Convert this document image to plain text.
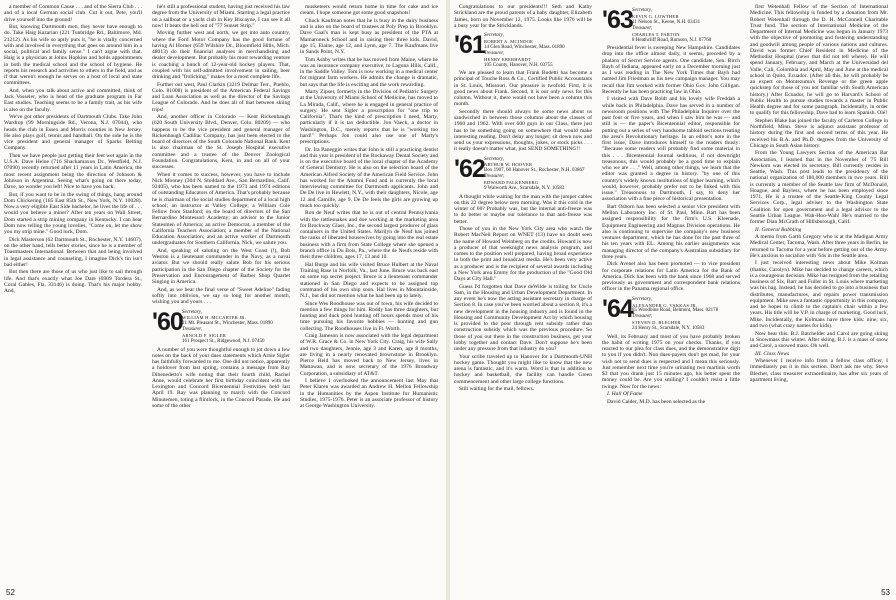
a member of Common Cause . . . and of the Sierra Club . . . and of a local German social club. Cut it out, Pete, you'll drive yourself into the ground!

But, knowing Dartmouth men, they never have enough to do. Take Haig Kazarian (221 Tunbridge Rd., Baltimore, Md. 21212). As his wife so aptly puts it, "he is vitally concerned with and involved in everything that goes on around him in a social, political and family sense." I can't argue with that. Haig is a physician at Johns Hopkins and holds appointments in both the medical school and the school of hygiene. He reports his research and activities to others in the field, and as if that weren't enough he serves on a host of local and state committees.

And, when you talk about active and committed, think of Jack Vosseler, who is head of the graduate program in Far East studies. Teaching seems to be a family trait, as his wife is also on the faculty.

We've got other presidents of Dartmouth Clubs. Take John Wardrop (99 Morningside Rd., Verona, N.J. 07044), who heads the club in Essex and Morris counties in New Jersey. He also plays golf, tennis and handball. On the side he is the vice president and general manager of Sparks Belting Company.

Then we have people just getting their feet wet again in the U.S.A. Dave Heine (716 Shackamaxon Dr., Westfield, N.J. 07090) recently returned after 11 years in Latin America, the most recent assignment being the direction of Johnson & Johnson in Argentina. Seeing what's going on there today, Dave, no wonder you left! Nice to have you back.

But, if you want to be in the swing of things, hang around Dom Chickering (185 East 85th St., New York, N.Y. 10028). Now a very eligible East Side bachelor, he lives the life of . . . would you believe a miner? After ten years on Wall Street, Dom started a strip mining company in Kentucky. I can hear Dom now telling the young lovelies, "Come on, let me show you my strip mine." Good luck, Dom.

Dick Masterson (62 Dartmouth St., Rochester, N.Y. 14607), on the other hand, tells better stories, since he is a member of Toastmasters International. Between that and being involved in legal assistance and counseling, I imagine Dick's tin isn't bad either!

But then there are those of us who just like to sail through life. And that's exactly what Joe Dare (6909 Tordera St., Coral Gables, Fla. 33146) is doing. That's his major hobby. And,

he's still a professional student, having just received his law degree from the University of Miami. Starting a legal practice on a sailboat or a yacht club in Key Biscayne, I can see it all now! It beats the hell out of "77 Sunset Strip."

Moving further west and north, we get into auto country, where the Ford Motor Company has the good fortune of having Al Horner (659 Wilshire Dr., Bloomfield Hills, Mich. 48013) do their financial analyses in merchandising and dealer development. But probably his most rewarding venture is coaching a bunch of 12-year-old hockey players. That, coupled with his self-admitted involvement in sailing, beer drinking and "frolicking," makes for a most complete life.

Further out west, Paul Clarkin (3219 Delmar Terr., Pueblo, Colo. 81008) is president of the American Federal Savings and Loan Association as well as the director of the Savings League of Colorado. And he does all of that between skiing trips!

And, another officer in Colorado — Kent Rickenbaugh (620 South University Blvd., Denver, Colo. 80209) — who happens to be the vice president and general manager of Rickenbaugh Cadillac Company, has just been elected to the board of directors of the South Colorado National Bank. Kent is also chairman of the St. Joseph Hospital executive committee and a trustee of the Denver Zoological Foundation. Congratulations, Kent, in and on all of your successes.

When it comes to success, however, you have to include Nick Mooney (304 N. Stoddard Ave., San Bernardino, Calif. 92405), who has been named to the 1973 and 1974 editions of outstanding Educators of America. That's probably because he is chairman of the social studies department of a local high school; an instructor at Valley College; a William Cole Fellow from Stanford; on the board of directors of the San Bernardino Montessori Academy; an advisor to the Junior Statesmen of America; an active Democrat, a member of the California Teachers Association; a member of the National Education Association; and an active worker of Dartmouth undergraduates for Southern California. Nick, we salute you.

And, speaking of saluting on the West Coast (!), Bob Weston is a lieutenant commander in the Navy, as a naval aviator. But we should really salute Bob for his serious participation in the San Diego chapter of the Society for the Preservation and Encouragement of Barber Shop Quartet Singing in America.

And, as we hear the final verse of "Sweet Adeline" fading softly into oblivion, we say so long for another month, wishing you and yours . . .

'60 Secretary,
WILLIAM H. MCCARTER JR.
21 Mt. Pleasant St., Winchester, Mass. 01890
Treasurer,
ARNOLD F. SIGLER
161 Prospect St., Ridgewood, N.J. 07450

A number of you were thoughtful enough to jot down a few notes on the back of your dues statements which Arnie Sigler has faithfully forwarded to me. One did not notice, apparently a holdover from last spring, contains a message from Ray Dibenedetto's wife noting that their fourth child, Rachel Anne, would celebrate her first birthday coincident with the Lexington and Concord Bicentennial Festivities held last April 19. Ray was planning to march with the Concord Minutemen, toting a flintlock, in the Concord Parade. He and some of the other

musketeers would return home in time for cake and ice cream. I hope someone got some good snapshots!

Chuck Kaufman notes that he is busy in the dairy business and is also on the board of trustees at Poly Prep in Brooklyn. Dave Gaal's man is kept busy as president of the PTA at Mamaroneck School and in raising their three kids. David, age 15, Elaine, age 12, and Lynn, age 7. The Kaufmans live in Sands Point, N.Y.

Tom Ashby writes that he has moved from Maine, where he was an insurance company executive, to Laguna Hills, Calif., in the Saddle Valley. Tom is now working in a medical center for migrant farm workers. He admits the change is dramatic, but says that the life is exciting and the work rewarding.

Marty Zipser, formerly in the Division of Pediatric Surgery at the University of Miami School of Medicine, has moved to La Mirada, Calif., where he is engaged in general practice of surgery. He sent Sigler a prescription for "one trip to California". That's the kind of prescription I need, Marty, particularly if it is tax deductible. Jon Vaeck, a doctor in Washington, D.C., merely reports that he is "working too hard!" Perhaps Jon could also use one of Marty's prescriptions.

Dr. Ira Paneggio writes that John is still a practicing dentist and this year is president of the Rockaway Dental Society and is on the executive board of the local chapter of the Academy of General Dentistry. He is also on the selection board of the American Alfred Society of the American Field Service. John has worked for the Alumni Fund and is currently the local interviewing committee for Dartmouth applicants. John and De De live in Hewlett, N.Y., with their daughters, Nicole, age 12 and Camille, age 9. De De feels the girls are growing up much too quickly.

Ron de Neuf writes that he is out of central Pennsylvania with the rattlesnakes and doe working at the marketing area for Brockway Glass, Inc., the second largest producer of glass containers in the United States. Marilyn de Neuf has joined the ranks of liberated housewives by going into the real estate business with a firm from State College where she opened a branch office in Du Bois, Pa., where the de Neufs reside with their three children, ages 17, 13 and 10.

Hal Burge and his wife visited Bruce Hulbert at the Naval Training Base in Norfolk, Va., last June. Bruce was back east on some top secret project. Bruce is a lieutenant commander stationed in San Diego and expects to be assigned top command of his own ship soon. Hal lives in Mountainside, N.J., but did not mention what he had been up to lately.

Since Wes Roodhouse was out of town, his wife decided to mention a few things for him. Roddy has three daughters, but hunting and duck pond hunting off hours spends most of his time pursuing his favorite hobbies — hunting and gun collecting. The Roodhouses live in Ft. Worth.

Craig Jameson is now associated with the legal department of W.R. Grace & Co. in New York City. Craig, his wife Sally and two daughters, Jennie, age 3 and Karen, age 8 months, are living in a nearly renovated brownstone in Brooklyn. Pierce Reid has moved back to New Jersey, lives in Mattawan, and is now secretary of the 1976 Broadway Corporation, a subsidiary of AT&T.

I believe I overlooked the announcement last May that Peter Klaren was awarded an Andrew H. Mellon Fellowship in the Humanities by the Aspen Institute for Humanistic Studies, 1975-1976. Peter is an associate professor of history at George Washington University.

52

Congratulations to our presidents!!! Seth and Kathy Strickland are the proud parents of a baby daughter, Elizabeth James, born on November 12, 1975. Looks like 1976 will be a busy year for the Stricklands.

'61 Secretary,
ROBERT A. MCINDOE
14 Glen Road, Winchester, Mass. 01890
Treasurer,
HENRY EBERHARDT
105 County, Hanover, N.H. 03755

We are pleased to learn that Frank Budetti has become a principal of Touche Ross & Co., Certified Public Accountants in St. Louis, Missouri. Our pleasure is twofold. First, it is good news about Frank. Second, it is our only news for this column. Without it, there would not have been a column this month.

Secondly there should always be some news about us sandwiched in between those columns about the classes of 1960 and 1962. With over 600 guys in our Class, there just has to be something going on somewhere that would make interesting reading. Don't delay any longer; sit down now and send us your expressions, thoughts, jokes, or stock picks . . . it really doesn't matter what, just SEND SOMETHING!!

'62 Secretary,
ARTHUR W. HOOVER
Box 1907, 60 Hanover St., Rochester, N.H. 03867
Treasurer,
EDWARD FALKENBERG
9 Walworth Ave., Scarsdale, N.Y. 10583

A thought while waiting for the man with the jumper cables on this 22 degree below zero morning. Was it this cold in the winter of 60? Probably was, but the internal anti-freeze was to do better or maybe our tolerance to that anti-freeze was better.

Those of you in the New York City area who watch the Robert MacNeil Report on WNET (13) have no doubt seen the name of Howard Weinberg on the credits. Howard is now a producer of that weeknight news analysis program, and comes to the position well prepared, having broad experience in both the print and broadcast media. He's been very active as a producer and is the recipient of several awards including a New York area Emmy for the production of the "Good Old Days at City Hall."

Guess I'd forgotten that Dave deWilde is toiling for Uncle Sam, in the Housing and Urban Development Department. In any event he's now the acting assistant secretary in charge of Section 8. In case you've been worried about a section 8, it's a new development in the housing industry and is found in the Housing and Community Development Act by which housing is provided to the poor through rent subsidy rather than construction subsidy which was the previous procedure. So those of you out there in the construction business, get your lobby together and contact Dave. Don't suppose he's been under any pressure from that industry do you?

Your scribe traveled up to Hanover for a Dartmouth-UNH hockey game. Thought you might like to know that the new arena is fantastic, and it's warm. Word is that in addition to hockey and basketball, the facility can handle Green commencement and other large college functions.

Still waiting for the mail, fellows.

'63 Secretary,
KEVIN G. LOWTHER
11 Nelson St., Keene, N.H. 03431
Treasurer,
CHARLES T. PARTON
8 Heathcliff Road, Rumson, N.J. 07760

Presidential fever is sweeping New Hampshire. Candidates drop into the office almost daily, it seems, preceded by a phalanx of Secret Service agents. One candidate, Sen. Birch Bayh of Indiana, appeared early on a December morning just as I was reading in The New York Times that Bayh had named Jim Friedman as his new campaign manager. You may recall that Jim worked with former Ohio Gov. John Gilligan. Recently he has been practicing law in Ohio.

I visited with Dave Boldt and his lovely wife Freddah a while back in Philadelphia. Dave has served in a number of newsroom positions with The Philadelphia Inquirer over the past four or five years, and when I saw him he was — and still is — the paper's Bicentennial editor, responsible for putting out a series of very handsome tabloid sections treating the area's Revolutionary heritage. In an editor's note in the first issue, Dave introduces himself to the readers thusly: "Because some readers will probably find some material in this . . . Bicentennial Journal seditious, if not downright treasonous, this would probably be a good time to explain who we are . . ." Well, among other things, we learn that the editor was granted a degree in history. "by one of this country's widely known institutions of higher learning, which would, however, probably prefer not to be linked with this issue." Treasonous to Dartmouth, I say, to deny her association with a fine piece of historical presentation.

Bart Osborn has been selected a senior vice president with Mellon Laboratory Inc. of St. Paul, Minn. Bart has been assigned responsibility for the firm's U.S. Kleenade, Equipment Engineering and Magnus Division operations. He also is continuing to supervise the company's new business ventures department, which he has done for the past three of his ten years with EL. Among his earlier assignments was managing director of the company's Australian subsidiary for three years.

Dick Avenel also has been promoted — to vice president for corporate relations for Latin America for the Bank of America. Dick has been with the bank since 1968 and served previously as government and correspondent bank relations officer in the Panama regional office.

'64 Secretary,
ALEXANDER G. VAKKAS JR.
85 Woodbine Road, Belmont, Mass. 02178
Treasurer,
STEVEN D. BLECHER
24 Henry St., Scarsdale, N.Y. 10583

Well, its February and most of you have probably broken the habit of writing 1975 on your checks. Thanks, if you reacted to our plea for class dues, and the demonstrative digit to you if you didn't. Non dues-payers don't get mad, for your wish not to send dues is respected and I mean this seriously. Just remember next time you're urinating two martinis worth $3 that you drank just 15 minutes ago, his better spent the money could be. Are you smiling? I couldn't resist a little twinge. Now for the news:

I. Hall Of Fame

David Calder, M.D. has been selected as the

first Wetenhall Fellow of the Section of International Medicine. This fellowship is funded by a donation from Mr. Robert Wetenhall through the D. H. McConnell Charitable Trust fund. The section of International Medicine of the Department of Internal Medicine was begun in January 1973 with the objective of promoting and fostering understanding and goodwill among people of various nations and cultures. David was former Chief Resident in Medicine of the Methodist Hospital (news that did not tell where). He will spend January, February, and March at the Universidad del Valle, Cali, Colombia and April, May and June at the medical school in Quito, Ecuador. (After all this, he will probably be an expert on Montezuma's Revenge or the green apple quickstep for those of you not familiar with South American history.) After Ecuador, he will go to Harvard's School of Public Health to pursue studies towards a master in Public Health degree and for some paragraph. Incidentally, in order to qualify for this fellowship, Dave had to learn Spanish. Olé!

Stephen Blake has joined the faculty of Carleton College in Northfield, Minn. Steve is adjunct assistant professor of history during the first and second terms of this year. He received his B.A. and Ph.D. degrees from the University of Chicago in South Asian history.

From the Young Lawyers Section of the American Bar Association, I learned that in the November of '75 Bill Newkom was elected its secretary. Bill currently resides in Seattle, Wash. This post leads to the presidency of the national organization of 180,000 members in two years. Bill is currently a member of the Seattle law firm of McDonald, Hoague, and Bayless, where he has been employed since 1971. He is a trustee of the Seattle-King County Legal Services Corp., legal adviser to the Washington State Coalition for open government and a legal advisor to the Seattle Urban League. Wah-Hoo-Wah! He's married to the former Dian McGrath of Hillsborough, Calif.

II. General Babbling

A memo from Garth Gregory who is at the Madigan Army Medical Center, Tacoma, Wash. After three years in Berlin, he returned to Tacoma for a year before getting out of the Army. He's anxious to socialize with '64s in the Seattle area.

I just received interesting news about Mike Kolman (thanks, Carolyn). Mike has decided to change careers, which is a courageous decision. Mike has resigned from the retailing business of Six, Barr and Fuller in St. Louis where marketing was his bag. Instead, he has decided to go into a business that distributes, manufactures, and repairs power transmission equipment. Mike sees a fantastic opportunity in this company, and he hopes to climb to the captain's chair within a few years. His title will be V.P. in charge of marketing. Good luck, Mike. Incidentally, the Kolmans have three kids: nine, six, and two (what crazy names for kids).

Now hear this. B.J. Batchelder and Carol are going skiing in Snowmass this winter. After skiing, B.J. is a mass of snow and Carol, a snowed mass. Oh well.

III. Class News

Whenever I receive info from a fellow class officer, I immediately put it in this section. Don't ask me why. Steve Blecher, class treasurer extraordinaire, has after six years of apartment living,

53
